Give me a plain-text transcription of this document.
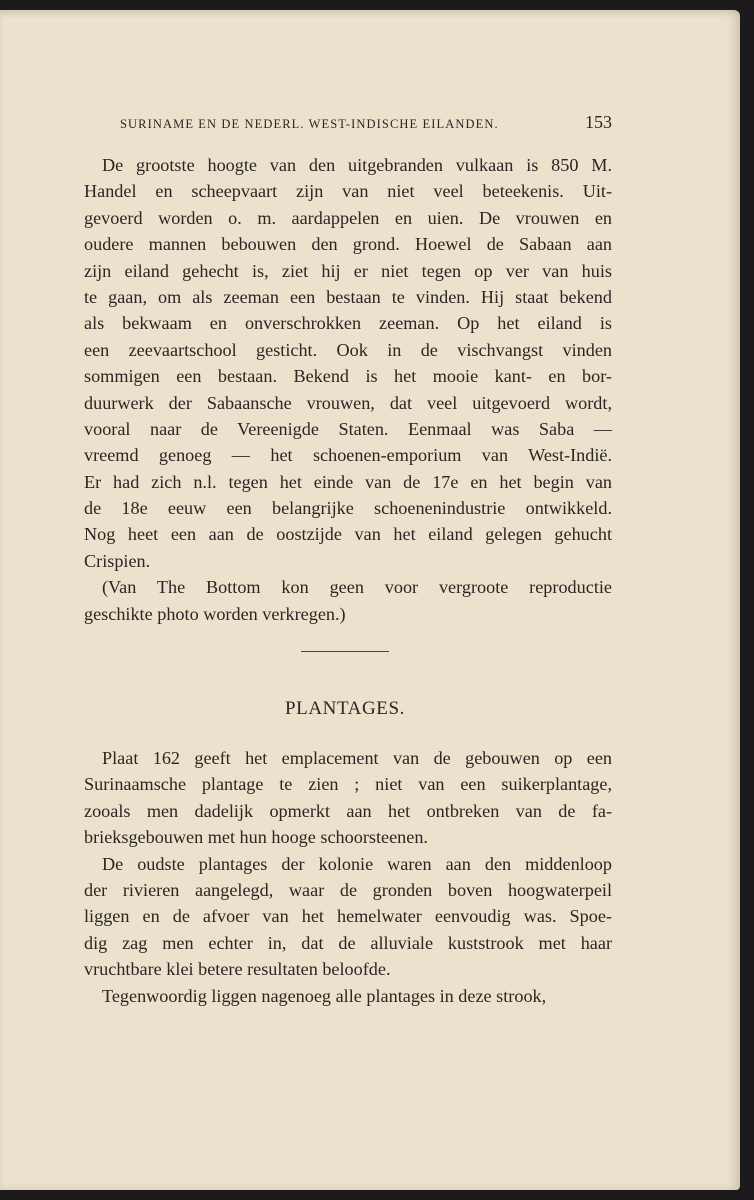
SURINAME EN DE NEDERL. WEST-INDISCHE EILANDEN.	153
De grootste hoogte van den uitgebranden vulkaan is 850 M.
Handel en scheepvaart zijn van niet veel beteekenis. Uit-
gevoerd worden o. m. aardappelen en uien. De vrouwen en
oudere mannen bebouwen den grond. Hoewel de Sabaan aan
zijn eiland gehecht is, ziet hij er niet tegen op ver van huis
te gaan, om als zeeman een bestaan te vinden. Hij staat bekend
als bekwaam en onverschrokken zeeman. Op het eiland is
een zeevaartschool gesticht. Ook in de vischvangst vinden
sommigen een bestaan. Bekend is het mooie kant- en bor-
duurwerk der Sabaansche vrouwen, dat veel uitgevoerd wordt,
vooral naar de Vereenigde Staten. Eenmaal was Saba —
vreemd genoeg — het schoenen-emporium van West-Indië.
Er had zich n.l. tegen het einde van de 17e en het begin van
de 18e eeuw een belangrijke schoenenindustrie ontwikkeld.
Nog heet een aan de oostzijde van het eiland gelegen gehucht
Crispien.
(Van The Bottom kon geen voor vergroote reproductie
geschikte photo worden verkregen.)
PLANTAGES.
Plaat 162 geeft het emplacement van de gebouwen op een
Surinaamsche plantage te zien ; niet van een suikerplantage,
zooals men dadelijk opmerkt aan het ontbreken van de fa-
brieksgebouwen met hun hooge schoorsteenen.
De oudste plantages der kolonie waren aan den middenloop
der rivieren aangelegd, waar de gronden boven hoogwaterpeil
liggen en de afvoer van het hemelwater eenvoudig was. Spoe-
dig zag men echter in, dat de alluviale kuststrook met haar
vruchtbare klei betere resultaten beloofde.
Tegenwoordig liggen nagenoeg alle plantages in deze strook,
